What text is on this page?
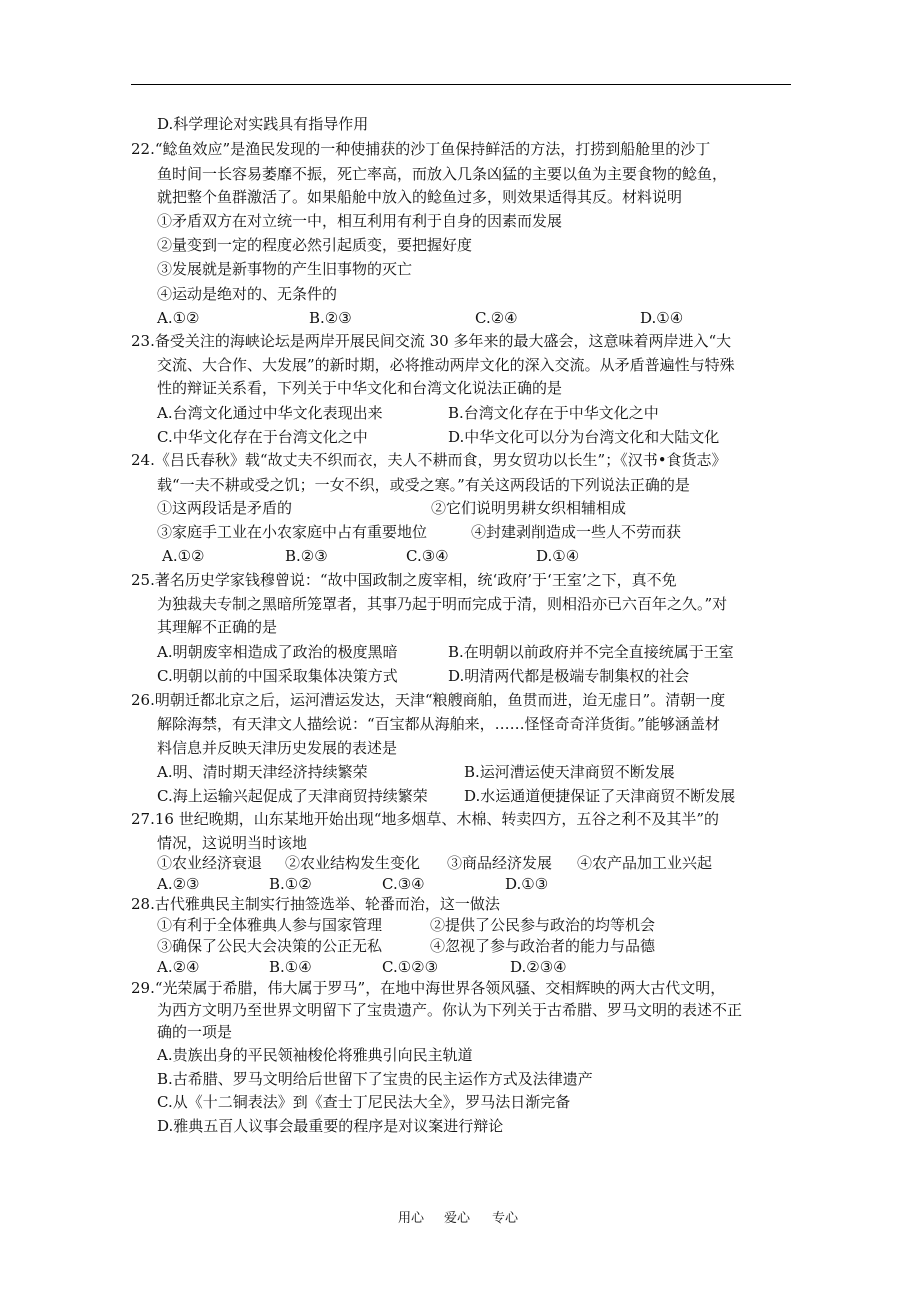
D.科学理论对实践具有指导作用
22.“鲶鱼效应”是渔民发现的一种使捕获的沙丁鱼保持鲜活的方法，打捞到船舱里的沙丁
鱼时间一长容易萎靡不振，死亡率高，而放入几条凶猛的主要以鱼为主要食物的鲶鱼，
就把整个鱼群激活了。如果船舱中放入的鲶鱼过多，则效果适得其反。材料说明
①矛盾双方在对立统一中，相互利用有利于自身的因素而发展
②量变到一定的程度必然引起质变，要把握好度
③发展就是新事物的产生旧事物的灭亡
④运动是绝对的、无条件的
A.①②	B.②③	C.②④	D.①④
23.备受关注的海峡论坛是两岸开展民间交流 30 多年来的最大盛会，这意味着两岸进入“大
交流、大合作、大发展”的新时期，必将推动两岸文化的深入交流。从矛盾普遍性与特殊
性的辩证关系看，下列关于中华文化和台湾文化说法正确的是
A.台湾文化通过中华文化表现出来	B.台湾文化存在于中华文化之中
C.中华文化存在于台湾文化之中	D.中华文化可以分为台湾文化和大陆文化
24.《吕氏春秋》载“故丈夫不织而衣，夫人不耕而食，男女贸功以长生”；《汉书•食货志》
载“一夫不耕或受之饥；一女不织，或受之寒。”有关这两段话的下列说法正确的是
①这两段话是矛盾的	②它们说明男耕女织相辅相成
③家庭手工业在小农家庭中占有重要地位	④封建剥削造成一些人不劳而获
A.①②	B.②③	C.③④	D.①④
25.著名历史学家钱穆曾说：“故中国政制之废宰相，统‘政府’于‘王室’之下，真不免
为独裁夫专制之黑暗所笼罩者，其事乃起于明而完成于清，则相沿亦已六百年之久。”对
其理解不正确的是
A.明朝废宰相造成了政治的极度黑暗	B.在明朝以前政府并不完全直接统属于王室
C.明朝以前的中国采取集体决策方式	D.明清两代都是极端专制集权的社会
26.明朝迁都北京之后，运河漕运发达，天津“粮艘商舶，鱼贯而进，迨无虚日”。清朝一度
解除海禁，有天津文人描绘说：“百宝都从海舶来，……怪怪奇奇洋货街。”能够涵盖材
料信息并反映天津历史发展的表述是
A.明、清时期天津经济持续繁荣	B.运河漕运使天津商贸不断发展
C.海上运输兴起促成了天津商贸持续繁荣 D.水运通道便捷保证了天津商贸不断发展
27.16 世纪晚期，山东某地开始出现“地多烟草、木棉、转卖四方，五谷之利不及其半”的
情况，这说明当时该地
①农业经济衰退 ②农业结构发生变化 ③商品经济发展 ④农产品加工业兴起
A.②③	B.①②	C.③④	D.①③
28.古代雅典民主制实行抽签选举、轮番而治，这一做法
①有利于全体雅典人参与国家管理	②提供了公民参与政治的均等机会
③确保了公民大会决策的公正无私	④忽视了参与政治者的能力与品德
A.②④	B.①④	C.①②③	D.②③④
29.“光荣属于希腊，伟大属于罗马”，在地中海世界各领风骚、交相辉映的两大古代文明，
为西方文明乃至世界文明留下了宝贵遗产。你认为下列关于古希腊、罗马文明的表述不正
确的一项是
A.贵族出身的平民领袖梭伦将雅典引向民主轨道
B.古希腊、罗马文明给后世留下了宝贵的民主运作方式及法律遗产
C.从《十二铜表法》到《查士丁尼民法大全》，罗马法日渐完备
D.雅典五百人议事会最重要的程序是对议案进行辩论
用心 爱心 专心
